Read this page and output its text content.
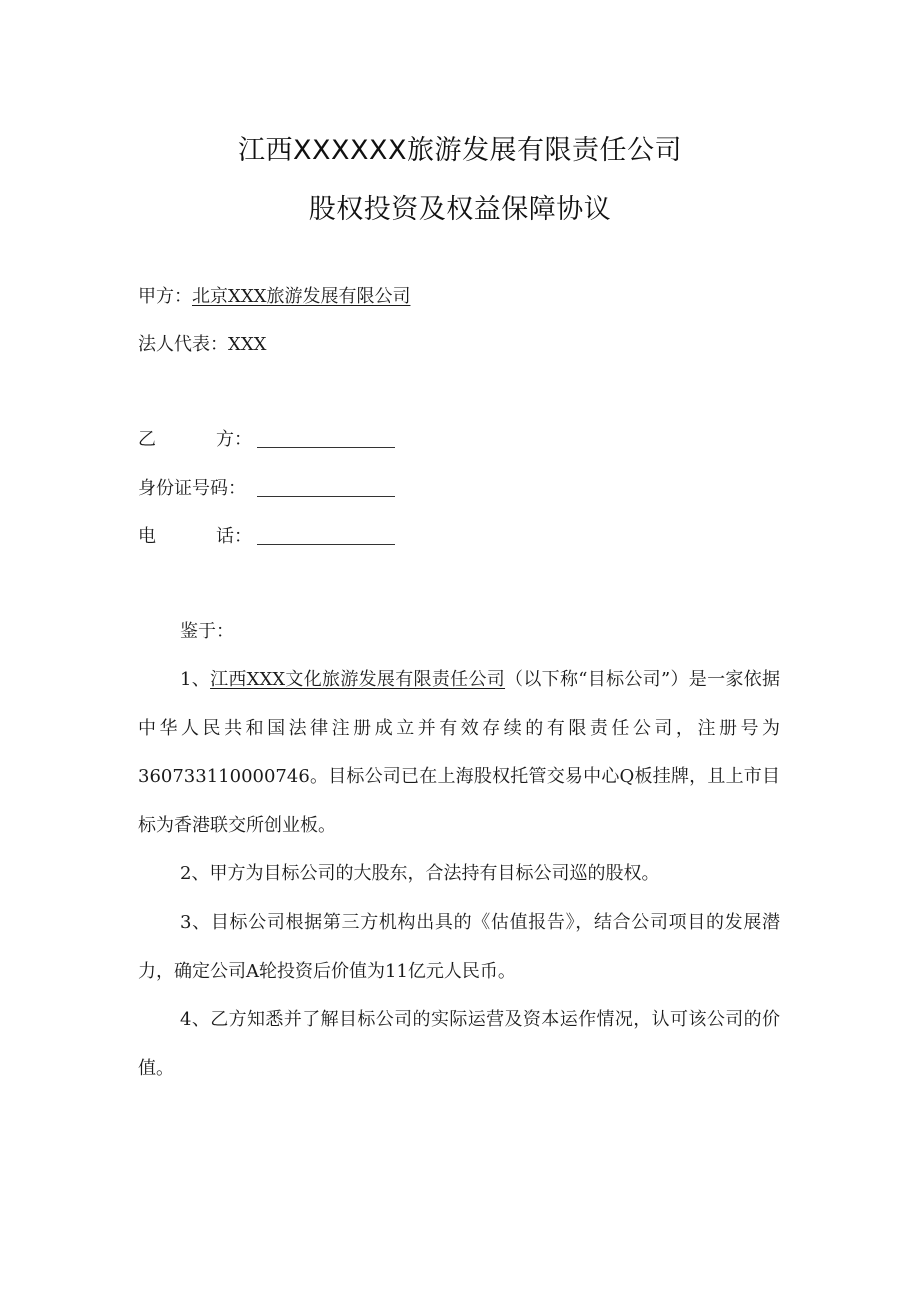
江西XXXXXX旅游发展有限责任公司
股权投资及权益保障协议
甲方：北京XXX旅游发展有限公司
法人代表：XXX
乙	方：
身份证号码：
电	话：
鉴于：
1、江西XXX文化旅游发展有限责任公司（以下称“目标公司”）是一家依据中华人民共和国法律注册成立并有效存续的有限责任公司，注册号为360733110000746。目标公司已在上海股权托管交易中心Q板挂牌，且上市目标为香港联交所创业板。
2、甲方为目标公司的大股东，合法持有目标公司巡的股权。
3、目标公司根据第三方机构出具的《估值报告》，结合公司项目的发展潜力，确定公司A轮投资后价值为11亿元人民币。
4、乙方知悉并了解目标公司的实际运营及资本运作情况，认可该公司的价值。
